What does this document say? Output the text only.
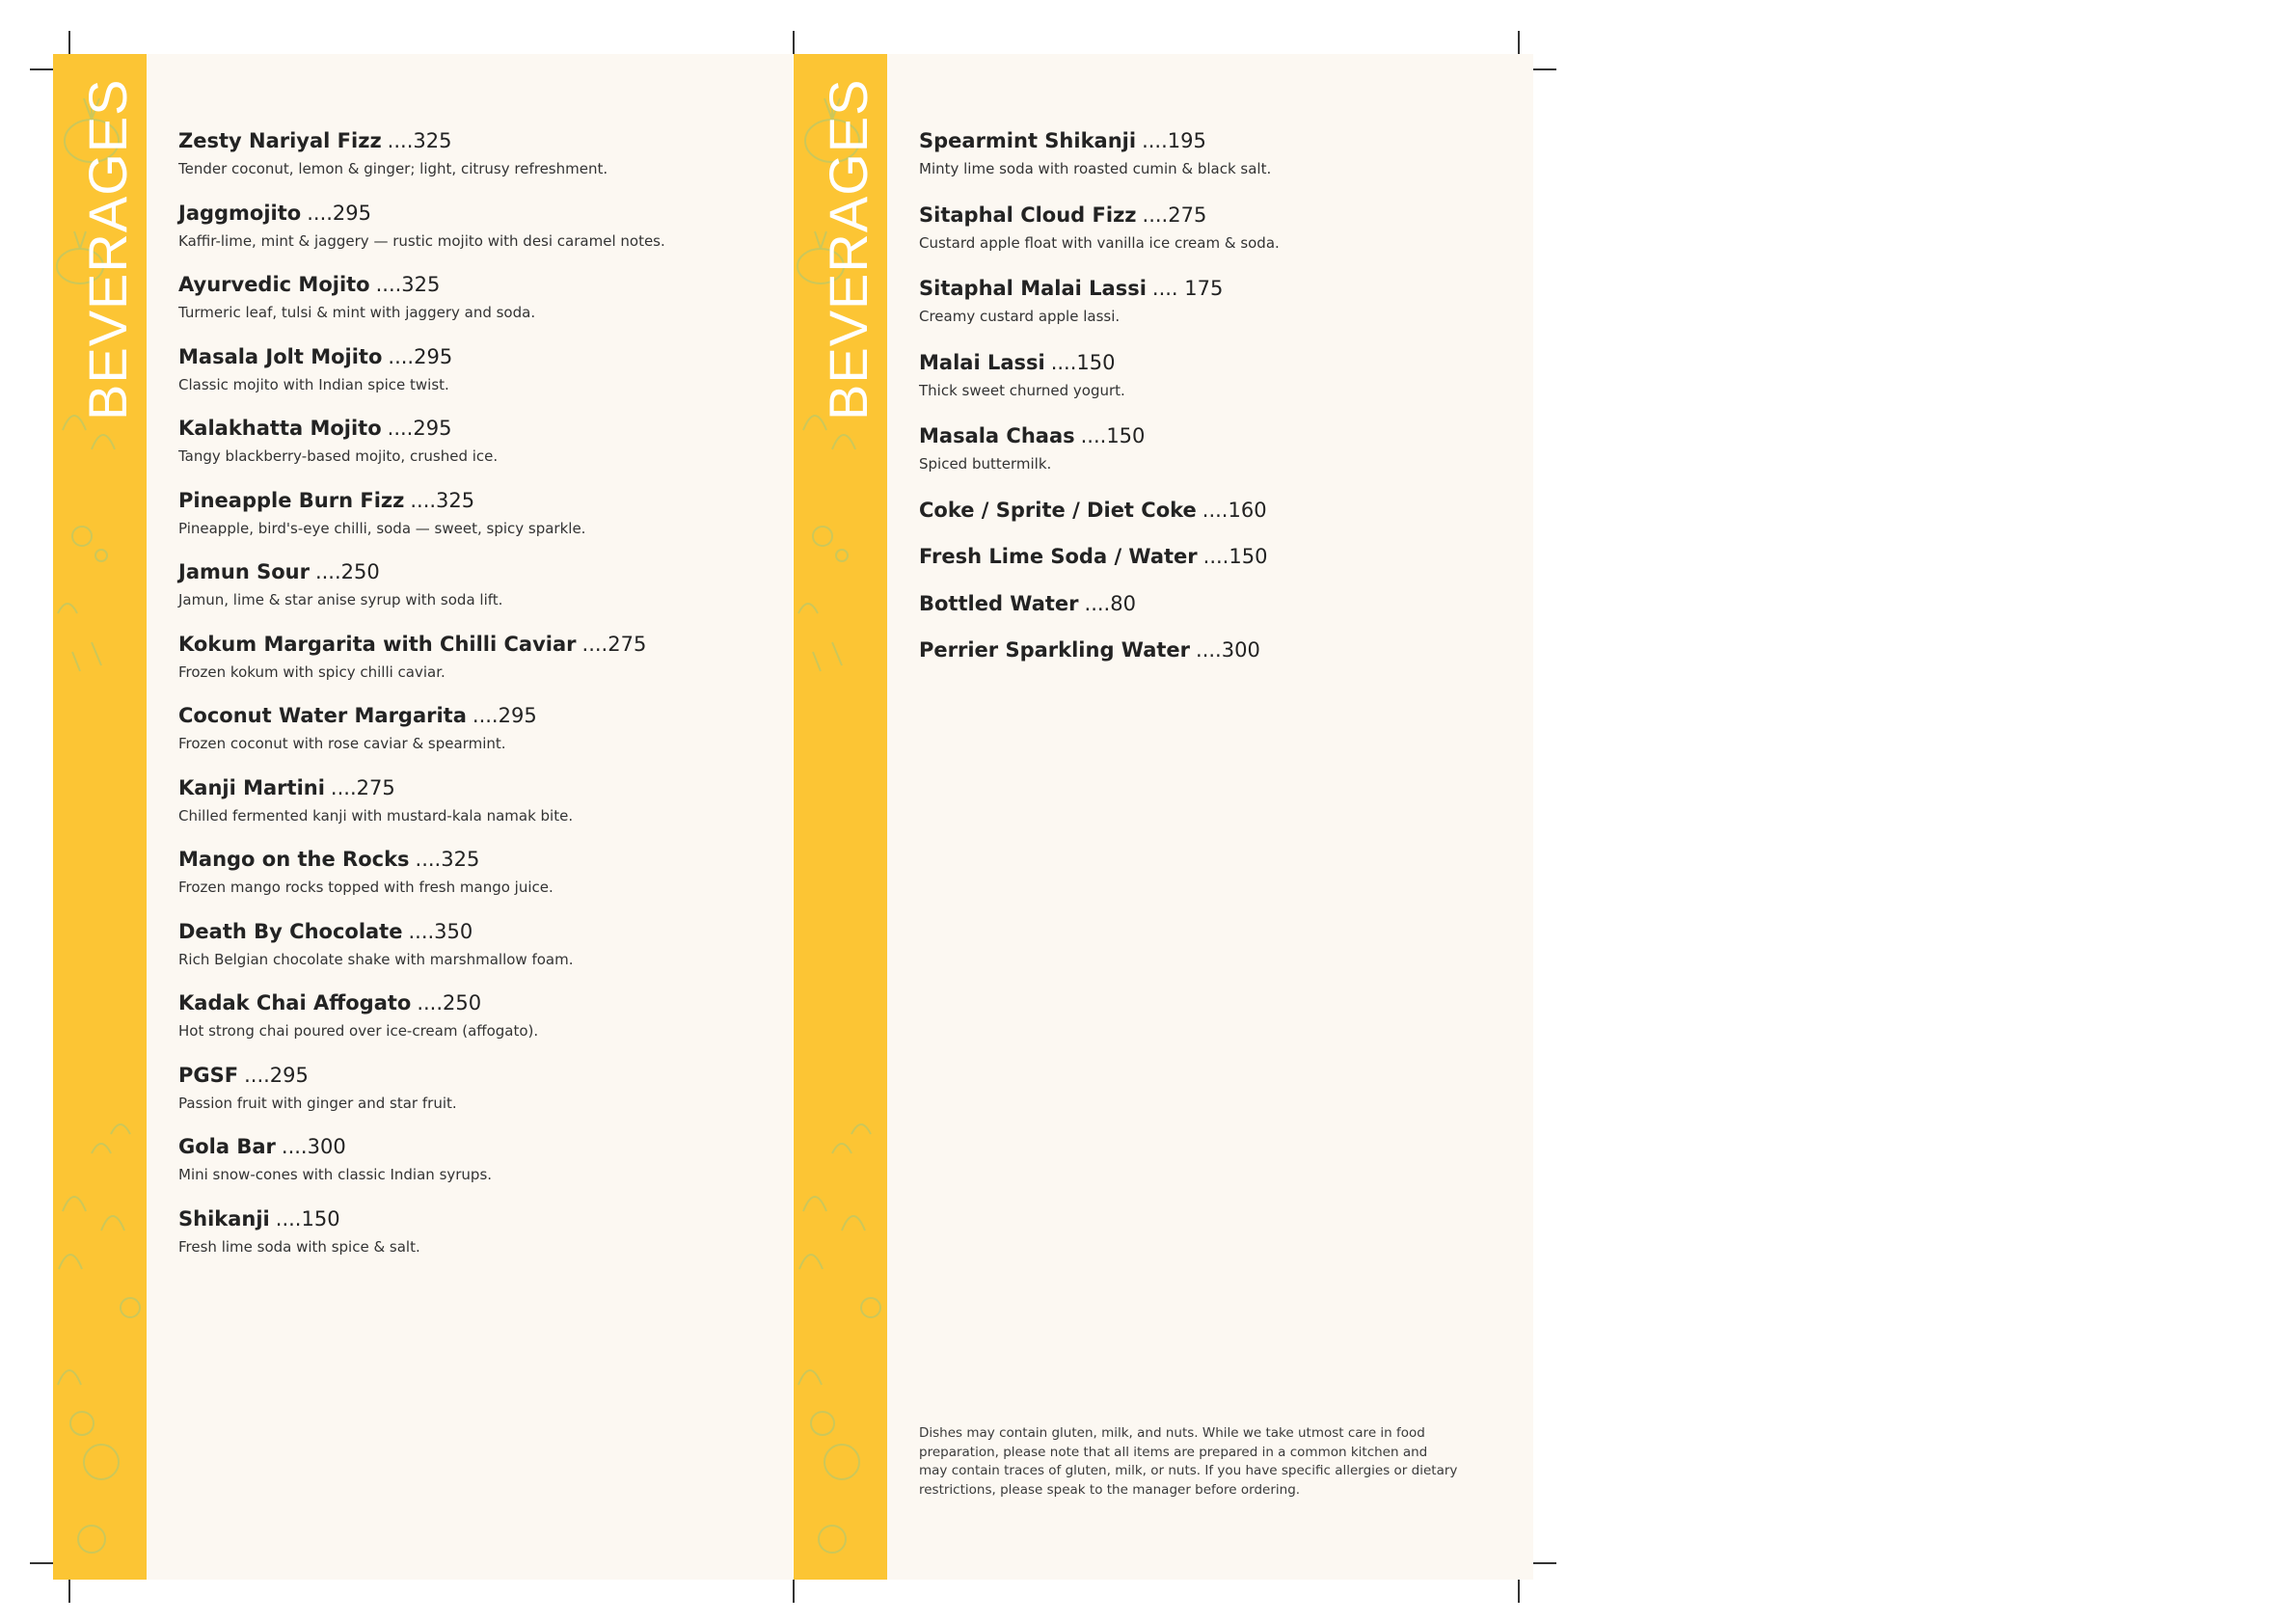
BEVERAGES Zesty Nariyal Fizz ....325
Tender coconut, lemon & ginger; light, citrusy refreshment.
Jaggmojito ....295
Kaffir-lime, mint & jaggery — rustic mojito with desi caramel notes.
Ayurvedic Mojito ....325
Turmeric leaf, tulsi & mint with jaggery and soda.
Masala Jolt Mojito ....295
Classic mojito with Indian spice twist.
Kalakhatta Mojito ....295
Tangy blackberry-based mojito, crushed ice.
Pineapple Burn Fizz ....325
Pineapple, bird's-eye chilli, soda — sweet, spicy sparkle.
Jamun Sour ....250
Jamun, lime & star anise syrup with soda lift.
Kokum Margarita with Chilli Caviar ....275
Frozen kokum with spicy chilli caviar.
Coconut Water Margarita ....295
Frozen coconut with rose caviar & spearmint.
Kanji Martini ....275
Chilled fermented kanji with mustard-kala namak bite.
Mango on the Rocks ....325
Frozen mango rocks topped with fresh mango juice.
Death By Chocolate ....350
Rich Belgian chocolate shake with marshmallow foam.
Kadak Chai Affogato ....250
Hot strong chai poured over ice-cream (affogato).
PGSF ....295
Passion fruit with ginger and star fruit.
Gola Bar ....300
Mini snow-cones with classic Indian syrups.
Shikanji ....150
Fresh lime soda with spice & salt.
BEVERAGES Spearmint Shikanji ....195
Minty lime soda with roasted cumin & black salt.
Sitaphal Cloud Fizz ....275
Custard apple float with vanilla ice cream & soda.
Sitaphal Malai Lassi .... 175
Creamy custard apple lassi.
Malai Lassi ....150
Thick sweet churned yogurt.
Masala Chaas ....150
Spiced buttermilk.
Coke / Sprite / Diet Coke ....160
Fresh Lime Soda / Water ....150
Bottled Water ....80
Perrier Sparkling Water ....300
Dishes may contain gluten, milk, and nuts. While we take utmost care in food preparation, please note that all items are prepared in a common kitchen and may contain traces of gluten, milk, or nuts. If you have specific allergies or dietary restrictions, please speak to the manager before ordering.
